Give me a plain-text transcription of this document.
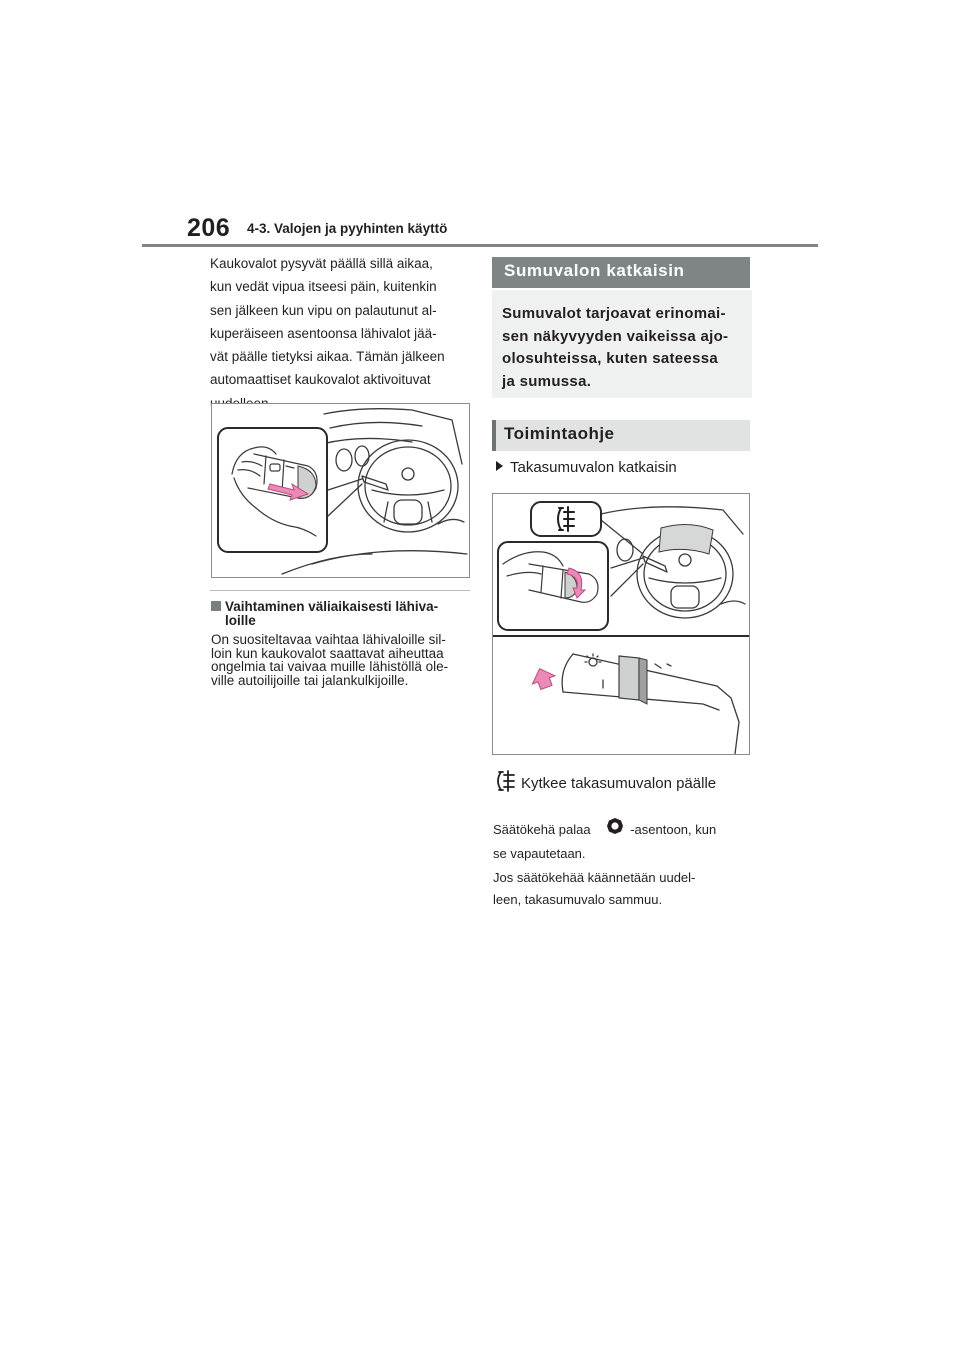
206 4-3. Valojen ja pyyhinten käyttö
Kaukovalot pysyvät päällä sillä aikaa,
kun vedät vipua itseesi päin, kuitenkin
sen jälkeen kun vipu on palautunut al-
kuperäiseen asentoonsa lähivalot jää-
vät päälle tietyksi aikaa. Tämän jälkeen
automaattiset kaukovalot aktivoituvat
Vaihtaminen väliaikaisesti lähiva-
loille
On suositeltavaa vaihtaa lähivaloille sil-
loin kun kaukovalot saattavat aiheuttaa
ongelmia tai vaivaa muille lähistöllä ole-
ville autoilijoille tai jalankulkijoille.
Sumuvalon katkaisin
Sumuvalot tarjoavat erinomai-
sen näkyvyyden vaikeissa ajo-
olosuhteissa, kuten sateessa
ja sumussa.
Toimintaohje
Takasumuvalon katkaisin
Kytkee takasumuvalon päälle
Säätökehä palaa	-asentoon, kun
se vapautetaan.
Jos säätökehää käännetään uudel-
leen, takasumuvalo sammuu.
